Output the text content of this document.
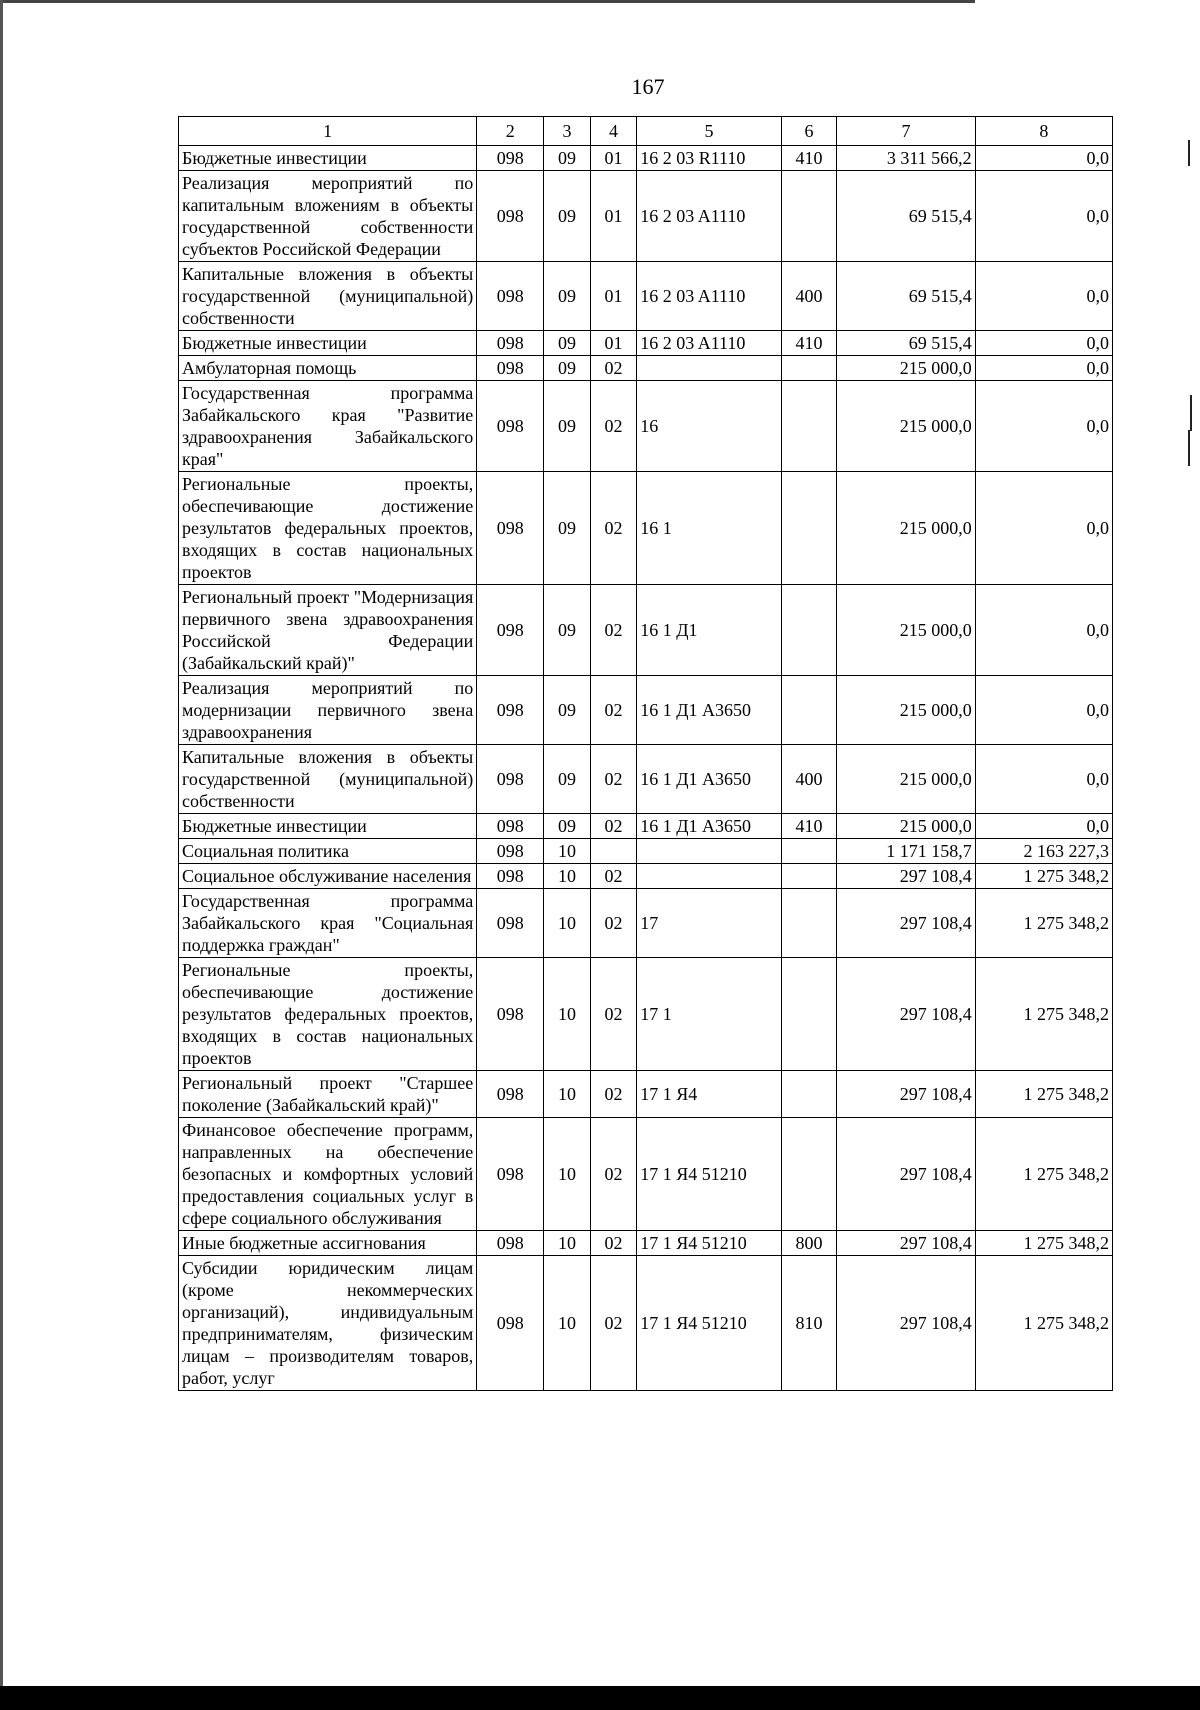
167
1	2	3	4	5	6	7	8
Бюджетные инвестиции	098	09	01	16 2 03 R1110	410	3 311 566,2	0,0
Реализация мероприятий по капитальным вложениям в объекты государственной собственности субъектов Российской Федерации	098	09	01	16 2 03 A1110		69 515,4	0,0
Капитальные вложения в объекты государственной (муниципальной) собственности	098	09	01	16 2 03 A1110	400	69 515,4	0,0
Бюджетные инвестиции	098	09	01	16 2 03 A1110	410	69 515,4	0,0
Амбулаторная помощь	098	09	02			215 000,0	0,0
Государственная программа Забайкальского края "Развитие здравоохранения Забайкальского края"	098	09	02	16		215 000,0	0,0
Региональные проекты, обеспечивающие достижение результатов федеральных проектов, входящих в состав национальных проектов	098	09	02	16 1		215 000,0	0,0
Региональный проект "Модернизация первичного звена здравоохранения Российской Федерации (Забайкальский край)"	098	09	02	16 1 Д1		215 000,0	0,0
Реализация мероприятий по модернизации первичного звена здравоохранения	098	09	02	16 1 Д1 А3650		215 000,0	0,0
Капитальные вложения в объекты государственной (муниципальной) собственности	098	09	02	16 1 Д1 А3650	400	215 000,0	0,0
Бюджетные инвестиции	098	09	02	16 1 Д1 А3650	410	215 000,0	0,0
Социальная политика	098	10				1 171 158,7	2 163 227,3
Социальное обслуживание населения	098	10	02			297 108,4	1 275 348,2
Государственная программа Забайкальского края "Социальная поддержка граждан"	098	10	02	17		297 108,4	1 275 348,2
Региональные проекты, обеспечивающие достижение результатов федеральных проектов, входящих в состав национальных проектов	098	10	02	17 1		297 108,4	1 275 348,2
Региональный проект "Старшее поколение (Забайкальский край)"	098	10	02	17 1 Я4		297 108,4	1 275 348,2
Финансовое обеспечение программ, направленных на обеспечение безопасных и комфортных условий предоставления социальных услуг в сфере социального обслуживания	098	10	02	17 1 Я4 51210		297 108,4	1 275 348,2
Иные бюджетные ассигнования	098	10	02	17 1 Я4 51210	800	297 108,4	1 275 348,2
Субсидии юридическим лицам (кроме некоммерческих организаций), индивидуальным предпринимателям, физическим лицам – производителям товаров, работ, услуг	098	10	02	17 1 Я4 51210	810	297 108,4	1 275 348,2
